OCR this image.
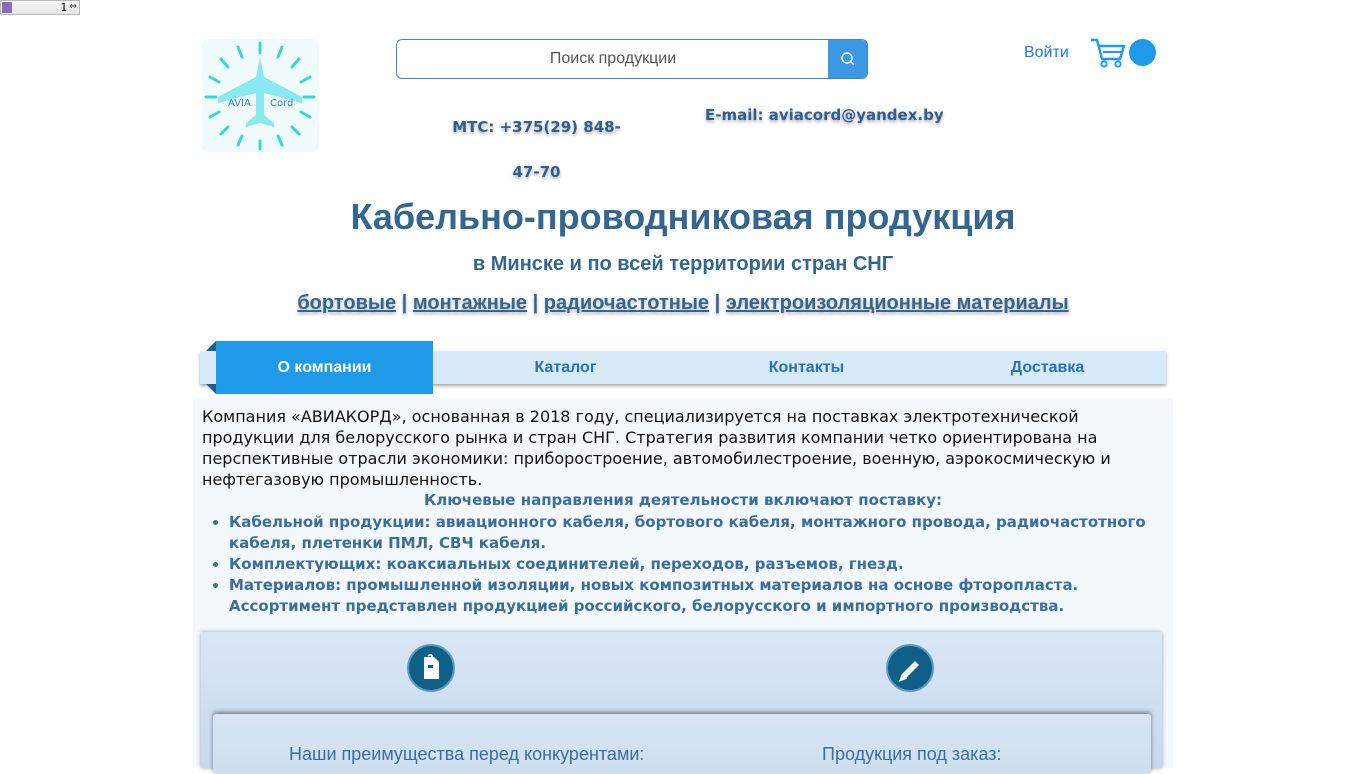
1 ⇔
AVIA Cord
Поиск продукции
Войти
МТС: +375(29) 848-47-70
E-mail: aviacord@yandex.by
Кабельно-проводниковая продукция
в Минске и по всей территории стран СНГ
бортовые | монтажные | радиочастотные | электроизоляционные материалы
О компании	Каталог	Контакты	Доставка

Компания «АВИАКОРД», основанная в 2018 году, специализируется на поставках электротехнической продукции для белорусского рынка и стран СНГ. Стратегия развития компании четко ориентирована на перспективные отрасли экономики: приборостроение, автомобилестроение, военную, аэрокосмическую и нефтегазовую промышленность.

Ключевые направления деятельности включают поставку:
• Кабельной продукции: авиационного кабеля, бортового кабеля, монтажного провода, радиочастотного кабеля, плетенки ПМЛ, СВЧ кабеля.
• Комплектующих: коаксиальных соединителей, переходов, разъемов, гнезд.
• Материалов: промышленной изоляции, новых композитных материалов на основе фторопласта.
Ассортимент представлен продукцией российского, белорусского и импортного производства.
Наши преимущества перед конкурентами:	Продукция под заказ:
